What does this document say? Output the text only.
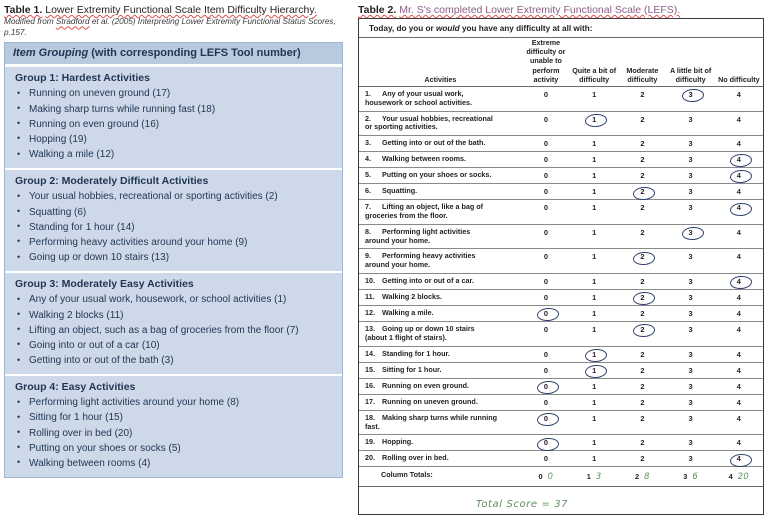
Table 1. Lower Extremity Functional Scale Item Difficulty Hierarchy.
Modified from Stradford et al. (2005) Interpreting Lower Extremity Functional Status Scores, p.157.
Item Grouping (with corresponding LEFS Tool number)
Group 1: Hardest Activities
• Running on uneven ground (17)
• Making sharp turns while running fast (18)
• Running on even ground (16)
• Hopping (19)
• Walking a mile (12)
Group 2: Moderately Difficult Activities
• Your usual hobbies, recreational or sporting activities (2)
• Squatting (6)
• Standing for 1 hour (14)
• Performing heavy activities around your home (9)
• Going up or down 10 stairs (13)
Group 3: Moderately Easy Activities
• Any of your usual work, housework, or school activities (1)
• Walking 2 blocks (11)
• Lifting an object, such as a bag of groceries from the floor (7)
• Going into or out of a car (10)
• Getting into or out of the bath (3)
Group 4: Easy Activities
• Performing light activities around your home (8)
• Sitting for 1 hour (15)
• Rolling over in bed (20)
• Putting on your shoes or socks (5)
• Walking between rooms (4)
Table 2. Mr. S's completed Lower Extremity Functional Scale (LEFS).
Today, do you or would you have any difficulty at all with:
Activities	Extreme difficulty or unable to perform activity	Quite a bit of difficulty	Moderate difficulty	A little bit of difficulty	No difficulty
1. Any of your usual work,
housework or school activities.	0	1	2	3	4
2. Your usual hobbies, recreational
or sporting activities.	0	1	2	3	4
3. Getting into or out of the bath.	0	1	2	3	4
4. Walking between rooms.	0	1	2	3	4
5. Putting on your shoes or socks.	0	1	2	3	4
6. Squatting.	0	1	2	3	4
7. Lifting an object, like a bag of
groceries from the floor.	0	1	2	3	4
8. Performing light activities
around your home.	0	1	2	3	4
9. Performing heavy activities
around your home.	0	1	2	3	4
10. Getting into or out of a car.	0	1	2	3	4
11. Walking 2 blocks.	0	1	2	3	4
12. Walking a mile.	0	1	2	3	4
13. Going up or down 10 stairs
(about 1 flight of stairs).	0	1	2	3	4
14. Standing for 1 hour.	0	1	2	3	4
15. Sitting for 1 hour.	0	1	2	3	4
16. Running on even ground.	0	1	2	3	4
17. Running on uneven ground.	0	1	2	3	4
18. Making sharp turns while running
fast.	0	1	2	3	4
19. Hopping.	0	1	2	3	4
20. Rolling over in bed.	0	1	2	3	4
Column Totals:	0 0	1 3	2 8	3 6	4 20
Total Score = 37
